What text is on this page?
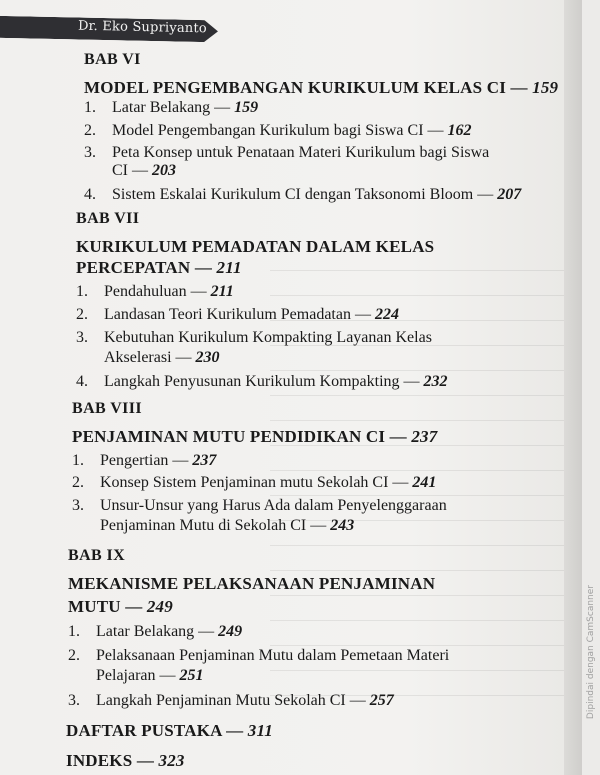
Dr. Eko Supriyanto
BAB VI
MODEL PENGEMBANGAN KURIKULUM KELAS CI — 159
1. Latar Belakang — 159
2. Model Pengembangan Kurikulum bagi Siswa CI — 162
3. Peta Konsep untuk Penataan Materi Kurikulum bagi Siswa
CI — 203
4. Sistem Eskalai Kurikulum CI dengan Taksonomi Bloom — 207
BAB VII
KURIKULUM PEMADATAN DALAM KELAS
PERCEPATAN — 211
1. Pendahuluan — 211
2. Landasan Teori Kurikulum Pemadatan — 224
3. Kebutuhan Kurikulum Kompakting Layanan Kelas
Akselerasi — 230
4. Langkah Penyusunan Kurikulum Kompakting — 232
BAB VIII
PENJAMINAN MUTU PENDIDIKAN CI — 237
1. Pengertian — 237
2. Konsep Sistem Penjaminan mutu Sekolah CI — 241
3. Unsur-Unsur yang Harus Ada dalam Penyelenggaraan
Penjaminan Mutu di Sekolah CI — 243
BAB IX
MEKANISME PELAKSANAAN PENJAMINAN
MUTU — 249
1. Latar Belakang — 249
2. Pelaksanaan Penjaminan Mutu dalam Pemetaan Materi
Pelajaran — 251
3. Langkah Penjaminan Mutu Sekolah CI — 257
DAFTAR PUSTAKA — 311
INDEKS — 323
Dipindai dengan CamScanner
